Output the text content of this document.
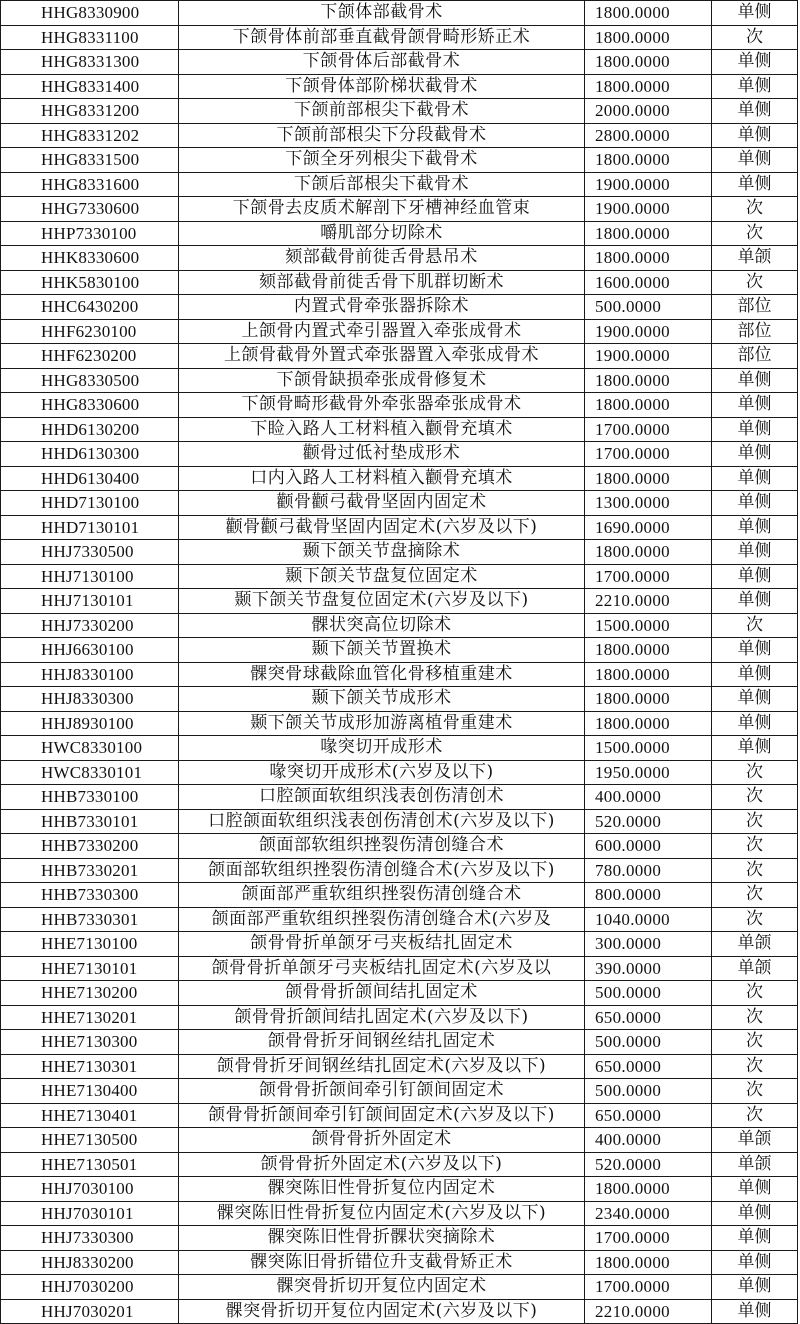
HHG8330900	下颌体部截骨术	1800.0000	单侧
HHG8331100	下颌骨体前部垂直截骨颌骨畸形矫正术	1800.0000	次
HHG8331300	下颌骨体后部截骨术	1800.0000	单侧
HHG8331400	下颌骨体部阶梯状截骨术	1800.0000	单侧
HHG8331200	下颌前部根尖下截骨术	2000.0000	单侧
HHG8331202	下颌前部根尖下分段截骨术	2800.0000	单侧
HHG8331500	下颌全牙列根尖下截骨术	1800.0000	单侧
HHG8331600	下颌后部根尖下截骨术	1900.0000	单侧
HHG7330600	下颌骨去皮质术解剖下牙槽神经血管束	1900.0000	次
HHP7330100	嚼肌部分切除术	1800.0000	次
HHK8330600	颏部截骨前徙舌骨悬吊术	1800.0000	单颌
HHK5830100	颏部截骨前徙舌骨下肌群切断术	1600.0000	次
HHC6430200	内置式骨牵张器拆除术	500.0000	部位
HHF6230100	上颌骨内置式牵引器置入牵张成骨术	1900.0000	部位
HHF6230200	上颌骨截骨外置式牵张器置入牵张成骨术	1900.0000	部位
HHG8330500	下颌骨缺损牵张成骨修复术	1800.0000	单侧
HHG8330600	下颌骨畸形截骨外牵张器牵张成骨术	1800.0000	单侧
HHD6130200	下睑入路人工材料植入颧骨充填术	1700.0000	单侧
HHD6130300	颧骨过低衬垫成形术	1700.0000	单侧
HHD6130400	口内入路人工材料植入颧骨充填术	1800.0000	单侧
HHD7130100	颧骨颧弓截骨坚固内固定术	1300.0000	单侧
HHD7130101	颧骨颧弓截骨坚固内固定术(六岁及以下)	1690.0000	单侧
HHJ7330500	颞下颌关节盘摘除术	1800.0000	单侧
HHJ7130100	颞下颌关节盘复位固定术	1700.0000	单侧
HHJ7130101	颞下颌关节盘复位固定术(六岁及以下)	2210.0000	单侧
HHJ7330200	髁状突高位切除术	1500.0000	次
HHJ6630100	颞下颌关节置换术	1800.0000	单侧
HHJ8330100	髁突骨球截除血管化骨移植重建术	1800.0000	单侧
HHJ8330300	颞下颌关节成形术	1800.0000	单侧
HHJ8930100	颞下颌关节成形加游离植骨重建术	1800.0000	单侧
HWC8330100	喙突切开成形术	1500.0000	单侧
HWC8330101	喙突切开成形术(六岁及以下)	1950.0000	次
HHB7330100	口腔颌面软组织浅表创伤清创术	400.0000	次
HHB7330101	口腔颌面软组织浅表创伤清创术(六岁及以下)	520.0000	次
HHB7330200	颌面部软组织挫裂伤清创缝合术	600.0000	次
HHB7330201	颌面部软组织挫裂伤清创缝合术(六岁及以下)	780.0000	次
HHB7330300	颌面部严重软组织挫裂伤清创缝合术	800.0000	次
HHB7330301	颌面部严重软组织挫裂伤清创缝合术(六岁及	1040.0000	次
HHE7130100	颌骨骨折单颌牙弓夹板结扎固定术	300.0000	单颌
HHE7130101	颌骨骨折单颌牙弓夹板结扎固定术(六岁及以	390.0000	单颌
HHE7130200	颌骨骨折颌间结扎固定术	500.0000	次
HHE7130201	颌骨骨折颌间结扎固定术(六岁及以下)	650.0000	次
HHE7130300	颌骨骨折牙间钢丝结扎固定术	500.0000	次
HHE7130301	颌骨骨折牙间钢丝结扎固定术(六岁及以下)	650.0000	次
HHE7130400	颌骨骨折颌间牵引钉颌间固定术	500.0000	次
HHE7130401	颌骨骨折颌间牵引钉颌间固定术(六岁及以下)	650.0000	次
HHE7130500	颌骨骨折外固定术	400.0000	单颌
HHE7130501	颌骨骨折外固定术(六岁及以下)	520.0000	单颌
HHJ7030100	髁突陈旧性骨折复位内固定术	1800.0000	单侧
HHJ7030101	髁突陈旧性骨折复位内固定术(六岁及以下)	2340.0000	单侧
HHJ7330300	髁突陈旧性骨折髁状突摘除术	1700.0000	单侧
HHJ8330200	髁突陈旧骨折错位升支截骨矫正术	1800.0000	单侧
HHJ7030200	髁突骨折切开复位内固定术	1700.0000	单侧
HHJ7030201	髁突骨折切开复位内固定术(六岁及以下)	2210.0000	单侧
